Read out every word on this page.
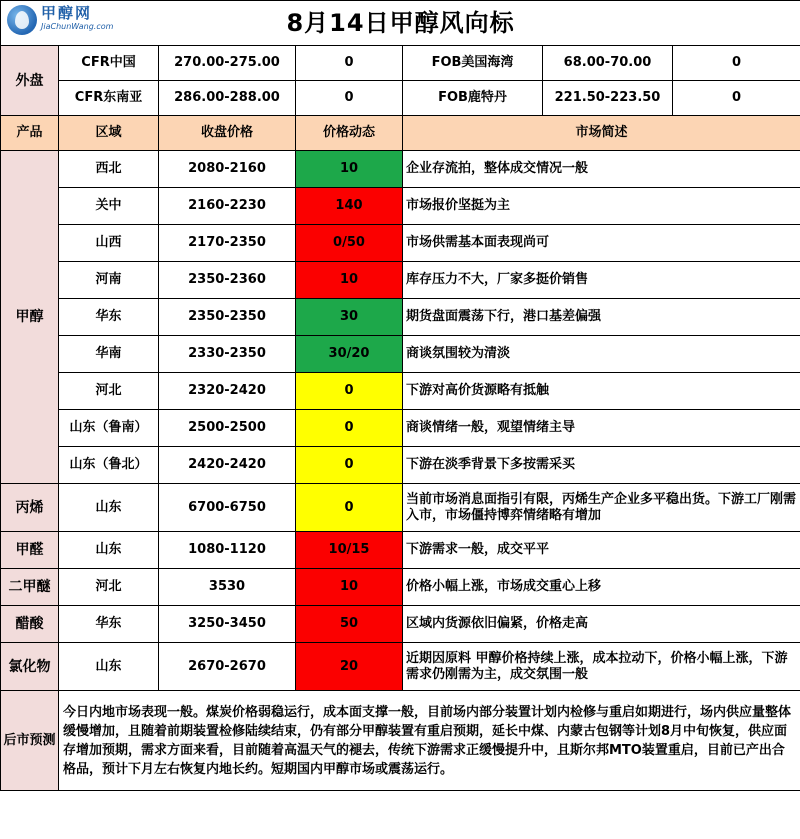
甲醇网
JiaChunWang.com 8月14日甲醇风向标						
外盘	CFR中国	270.00-275.00	0	FOB美国海湾	68.00-70.00	0
	CFR东南亚	286.00-288.00	0	FOB鹿特丹	221.50-223.50	0
产品	区域	收盘价格	价格动态	市场简述		
甲醇	西北	2080-2160	10	企业存流拍，整体成交情况一般		
	关中	2160-2230	140	市场报价坚挺为主		
	山西	2170-2350	0/50	市场供需基本面表现尚可		
	河南	2350-2360	10	库存压力不大，厂家多挺价销售		
	华东	2350-2350	30	期货盘面震荡下行，港口基差偏强		
	华南	2330-2350	30/20	商谈氛围较为清淡		
	河北	2320-2420	0	下游对高价货源略有抵触		
	山东（鲁南）	2500-2500	0	商谈情绪一般，观望情绪主导		
	山东（鲁北）	2420-2420	0	下游在淡季背景下多按需采买		
丙烯	山东	6700-6750	0	当前市场消息面指引有限，丙烯生产企业多平稳出货。下游工厂刚需入市，市场僵持博弈情绪略有增加		
甲醛	山东	1080-1120	10/15	下游需求一般，成交平平		
二甲醚	河北	3530	10	价格小幅上涨，市场成交重心上移		
醋酸	华东	3250-3450	50	区域内货源依旧偏紧，价格走高		
氯化物	山东	2670-2670	20	近期因原料 甲醇价格持续上涨，成本拉动下，价格小幅上涨，下游需求仍刚需为主，成交氛围一般		
后市预测	今日内地市场表现一般。煤炭价格弱稳运行，成本面支撑一般，目前场内部分装置计划内检修与重启如期进行，场内供应量整体缓慢增加，且随着前期装置检修陆续结束，仍有部分甲醇装置有重启预期，延长中煤、内蒙古包钢等计划8月中旬恢复，供应面存增加预期，需求方面来看，目前随着高温天气的褪去，传统下游需求正缓慢提升中，且斯尔邦MTO装置重启，目前已产出合格品，预计下月左右恢复内地长约。短期国内甲醇市场或震荡运行。					
